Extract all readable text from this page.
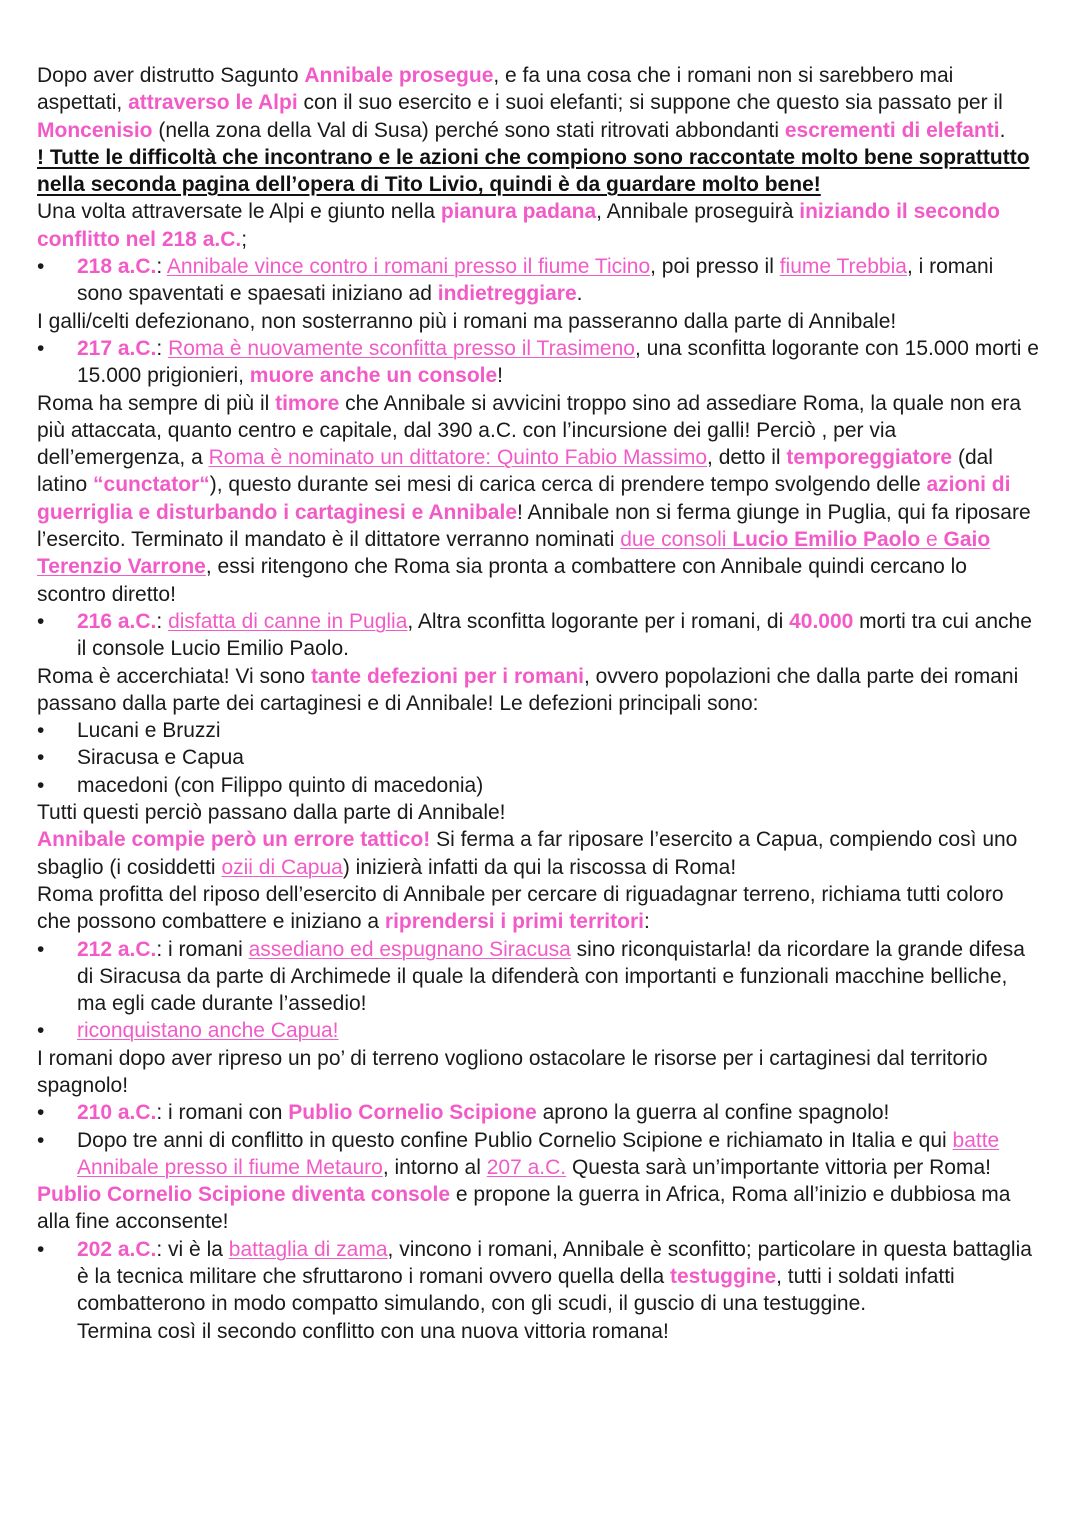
Dopo aver distrutto Sagunto Annibale prosegue, e fa una cosa che i romani non si sarebbero mai aspettati, attraverso le Alpi con il suo esercito e i suoi elefanti; si suppone che questo sia passato per il Moncenisio (nella zona della Val di Susa) perché sono stati ritrovati abbondanti escrementi di elefanti.

! Tutte le difficoltà che incontrano e le azioni che compiono sono raccontate molto bene soprattutto nella seconda pagina dell’opera di Tito Livio, quindi è da guardare molto bene!

Una volta attraversate le Alpi e giunto nella pianura padana, Annibale proseguirà iniziando il secondo conflitto nel 218 a.C.;

• 218 a.C.: Annibale vince contro i romani presso il fiume Ticino, poi presso il fiume Trebbia, i romani sono spaventati e spaesati iniziano ad indietreggiare.

I galli/celti defezionano, non sosterranno più i romani ma passeranno dalla parte di Annibale!

• 217 a.C.: Roma è nuovamente sconfitta presso il Trasimeno, una sconfitta logorante con 15.000 morti e 15.000 prigionieri, muore anche un console!

Roma ha sempre di più il timore che Annibale si avvicini troppo sino ad assediare Roma, la quale non era più attaccata, quanto centro e capitale, dal 390 a.C. con l’incursione dei galli! Perciò , per via dell’emergenza, a Roma è nominato un dittatore: Quinto Fabio Massimo, detto il temporeggiatore (dal latino “cunctator“), questo durante sei mesi di carica cerca di prendere tempo svolgendo delle azioni di guerriglia e disturbando i cartaginesi e Annibale! Annibale non si ferma giunge in Puglia, qui fa riposare l’esercito. Terminato il mandato è il dittatore verranno nominati due consoli Lucio Emilio Paolo e Gaio Terenzio Varrone, essi ritengono che Roma sia pronta a combattere con Annibale quindi cercano lo scontro diretto!

• 216 a.C.: disfatta di canne in Puglia, Altra sconfitta logorante per i romani, di 40.000 morti tra cui anche il console Lucio Emilio Paolo.

Roma è accerchiata! Vi sono tante defezioni per i romani, ovvero popolazioni che dalla parte dei romani passano dalla parte dei cartaginesi e di Annibale! Le defezioni principali sono:

• Lucani e Bruzzi

• Siracusa e Capua

• macedoni (con Filippo quinto di macedonia)

Tutti questi perciò passano dalla parte di Annibale!

Annibale compie però un errore tattico! Si ferma a far riposare l’esercito a Capua, compiendo così uno sbaglio (i cosiddetti ozii di Capua) inizierà infatti da qui la riscossa di Roma!

Roma profitta del riposo dell’esercito di Annibale per cercare di riguadagnar terreno, richiama tutti coloro che possono combattere e iniziano a riprendersi i primi territori:

• 212 a.C.: i romani assediano ed espugnano Siracusa sino riconquistarla! da ricordare la grande difesa di Siracusa da parte di Archimede il quale la difenderà con importanti e funzionali macchine belliche, ma egli cade durante l’assedio!

• riconquistano anche Capua!

I romani dopo aver ripreso un po’ di terreno vogliono ostacolare le risorse per i cartaginesi dal territorio spagnolo!

• 210 a.C.: i romani con Publio Cornelio Scipione aprono la guerra al confine spagnolo!

• Dopo tre anni di conflitto in questo confine Publio Cornelio Scipione e richiamato in Italia e qui batte Annibale presso il fiume Metauro, intorno al 207 a.C. Questa sarà un’importante vittoria per Roma!

Publio Cornelio Scipione diventa console e propone la guerra in Africa, Roma all’inizio e dubbiosa ma alla fine acconsente!

• 202 a.C.: vi è la battaglia di zama, vincono i romani, Annibale è sconfitto; particolare in questa battaglia è la tecnica militare che sfruttarono i romani ovvero quella della testuggine, tutti i soldati infatti combatterono in modo compatto simulando, con gli scudi, il guscio di una testuggine.
Termina così il secondo conflitto con una nuova vittoria romana!
